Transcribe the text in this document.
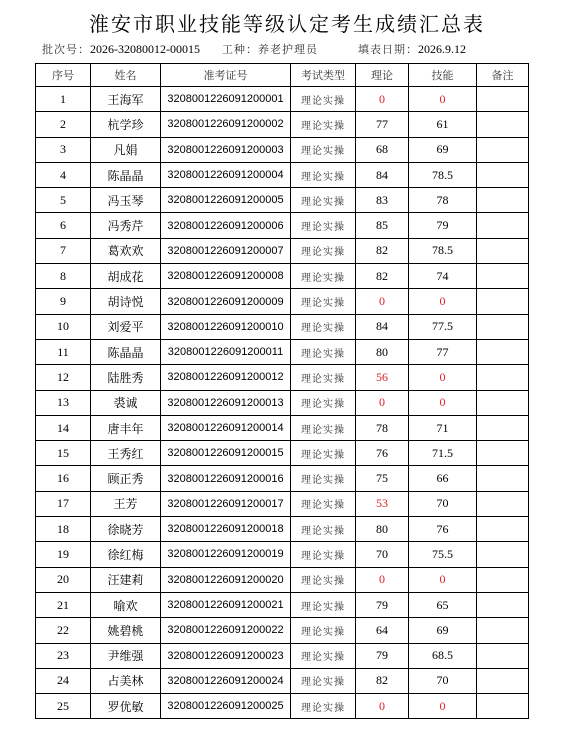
淮安市职业技能等级认定考生成绩汇总表
批次号：2026-32080012-00015 工种：养老护理员	填表日期：2026.9.12
序号	姓名	准考证号	考试类型	理论	技能	备注
1	王海军	3208001226091200001	理论实操	0	0	
2	杭学珍	3208001226091200002	理论实操	77	61	
3	凡娟	3208001226091200003	理论实操	68	69	
4	陈晶晶	3208001226091200004	理论实操	84	78.5	
5	冯玉琴	3208001226091200005	理论实操	83	78	
6	冯秀芹	3208001226091200006	理论实操	85	79	
7	葛欢欢	3208001226091200007	理论实操	82	78.5	
8	胡成花	3208001226091200008	理论实操	82	74	
9	胡诗悦	3208001226091200009	理论实操	0	0	
10	刘爱平	3208001226091200010	理论实操	84	77.5	
11	陈晶晶	3208001226091200011	理论实操	80	77	
12	陆胜秀	3208001226091200012	理论实操	56	0	
13	裘诚	3208001226091200013	理论实操	0	0	
14	唐丰年	3208001226091200014	理论实操	78	71	
15	王秀红	3208001226091200015	理论实操	76	71.5	
16	顾正秀	3208001226091200016	理论实操	75	66	
17	王芳	3208001226091200017	理论实操	53	70	
18	徐晓芳	3208001226091200018	理论实操	80	76	
19	徐红梅	3208001226091200019	理论实操	70	75.5	
20	汪建莉	3208001226091200020	理论实操	0	0	
21	喻欢	3208001226091200021	理论实操	79	65	
22	姚碧桃	3208001226091200022	理论实操	64	69	
23	尹维强	3208001226091200023	理论实操	79	68.5	
24	占美林	3208001226091200024	理论实操	82	70	
25	罗优敏	3208001226091200025	理论实操	0	0	
